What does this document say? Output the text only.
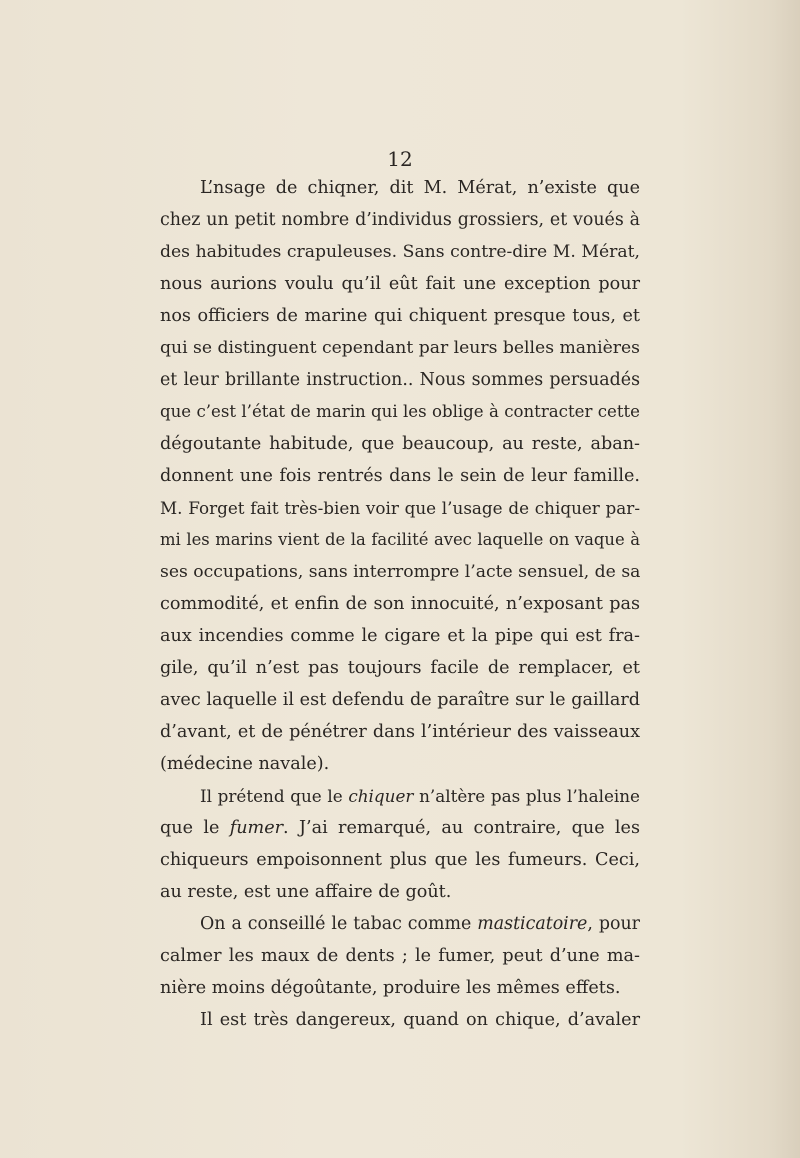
12
L’nsage de chiqner, dit M. Mérat, n’existe que
chez un petit nombre d’individus grossiers, et voués à
des habitudes crapuleuses. Sans contre-dire M. Mérat,
nous aurions voulu qu’il eût fait une exception pour
nos officiers de marine qui chiquent presque tous, et
qui se distinguent cependant par leurs belles manières
et leur brillante instruction.. Nous sommes persuadés
que c’est l’état de marin qui les oblige à contracter cette
dégoutante habitude, que beaucoup, au reste, aban-
donnent une fois rentrés dans le sein de leur famille.
M. Forget fait très-bien voir que l’usage de chiquer par-
mi les marins vient de la facilité avec laquelle on vaque à
ses occupations, sans interrompre l’acte sensuel, de sa
commodité, et enfin de son innocuité, n’exposant pas
aux incendies comme le cigare et la pipe qui est fra-
gile, qu’il n’est pas toujours facile de remplacer, et
avec laquelle il est defendu de paraître sur le gaillard
d’avant, et de pénétrer dans l’intérieur des vaisseaux
(médecine navale).
Il prétend que le chiquer n’altère pas plus l’haleine
que le fumer. J’ai remarqué, au contraire, que les
chiqueurs empoisonnent plus que les fumeurs. Ceci,
au reste, est une affaire de goût.
On a conseillé le tabac comme masticatoire, pour
calmer les maux de dents ; le fumer, peut d’une ma-
nière moins dégoûtante, produire les mêmes effets.
Il est très dangereux, quand on chique, d’avaler
